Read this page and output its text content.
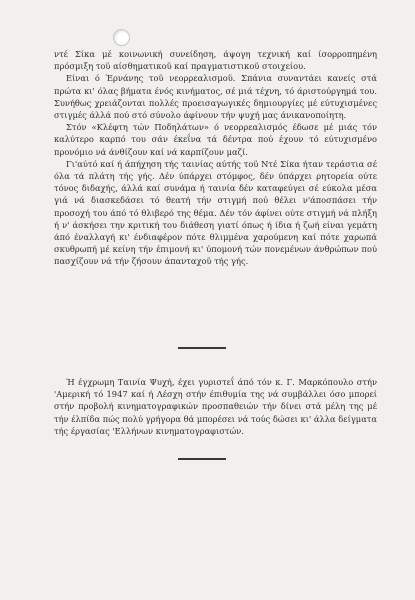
ντέ Σίκα μέ κοινωνική συνείδηση, άψογη τεχνική καί ίσορροπημένη πρόσμιξη τοϋ αίσθηματικοϋ καί πραγματιστικοϋ στοιχείου.

Είναι ό Έρνάνης τοϋ νεορρεαλισμοϋ. Σπάνια συναντάει κανείς στά πρώτα κι' όλας βήματα ένός κινήματος, σέ μιά τέχνη, τό άριστούργημά του. Συνήθως χρειάζονται πολλές προεισαγωγικές δημιουργίες μέ εύτυχισμένες στιγμές άλλά πού στό σύνολο άφίνουν τήν ψυχή μας άνικανοποίητη.

Στόν «Κλέφτη τών Ποδηλάτων» ό νεορρεαλισμός έδωσε μέ μιάς τόν καλύτερο καρπό του σάν έκεΐνα τά δέντρα πού έχουν τό εύτυχισμένο προνόμιο νά άνθίζουν καί νά καρπίζουν μαζί.

Γι'αύτό καί ή άπήχηση τής ταινίας αύτής τοϋ Ντέ Σίκα ήταν τεράστια σέ όλα τά πλάτη τής γής. Δέν ύπάρχει στόμφος, δέν ύπάρχει ρητορεία ούτε τόνος διδαχής, άλλά καί συνάμα ή ταινία δέν καταφεύγει σέ εύκολα μέσα γιά νά διασκεδάσει τό θεατή τήν στιγμή πού θέλει ν'άποσπάσει τήν προσοχή του άπό τό θλιβερό της θέμα. Δέν τόν άφίνει ούτε στιγμή νά πλήξη ή ν' άσκήσει την κριτική του διάθεση γιατί όπως ή ίδια ή ζωή είναι γεμάτη άπό έναλλαγή κι' ένδιαφέρον πότε θλιμμένα χαρούμενη καί πότε χαρωπά σκυθρωπή μέ κείνη τήν έπιμονή κι' ύπομονή τών πονεμένων άνθρώπων πού πασχίζουν νά τήν ζήσουν άπανταχοϋ τής γής.

Ή έγχρωμη Ταινία Ψυχή, έχει γυριστεΐ άπό τόν κ. Γ. Μαρκόπουλο στήν 'Αμερική τό 1947 καί ή Λέσχη στήν έπιθυμία της νά συμβάλλει όσο μπορεί στήν προβολή κινηματογραφικών προσπαθειών τήν δίνει στά μέλη της μέ τήν έλπίδα πώς πολύ γρήγορα θά μπορέσει νά τούς δώσει κι' άλλα δείγματα τής έργασίας 'Ελλήνων κινηματογραφιστών.
